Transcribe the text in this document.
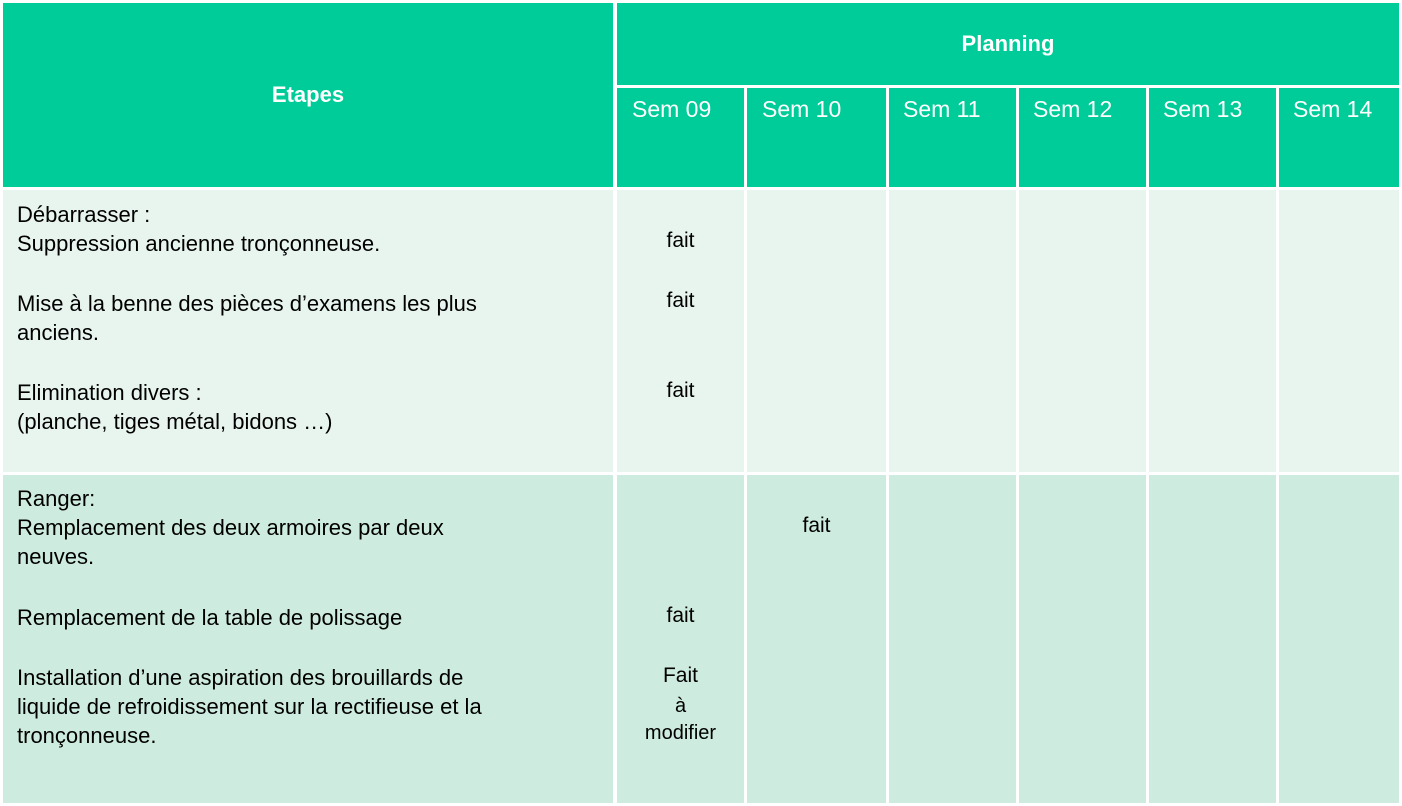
Etapes
Planning
Sem 09 Sem 10	Sem 11 Sem 12 Sem 13 Sem 14
Débarrasser :
Suppression ancienne tronçonneuse.
Mise à la benne des pièces d’examens les plus
anciens.
Elimination divers :
(planche, tiges métal, bidons …)
fait
fait
fait
Ranger:
Remplacement des deux armoires par deux
neuves.
Remplacement de la table de polissage
Installation d’une aspiration des brouillards de
liquide de refroidissement sur la rectifieuse et la
tronçonneuse.
fait
fait
Fait
à
modifier
